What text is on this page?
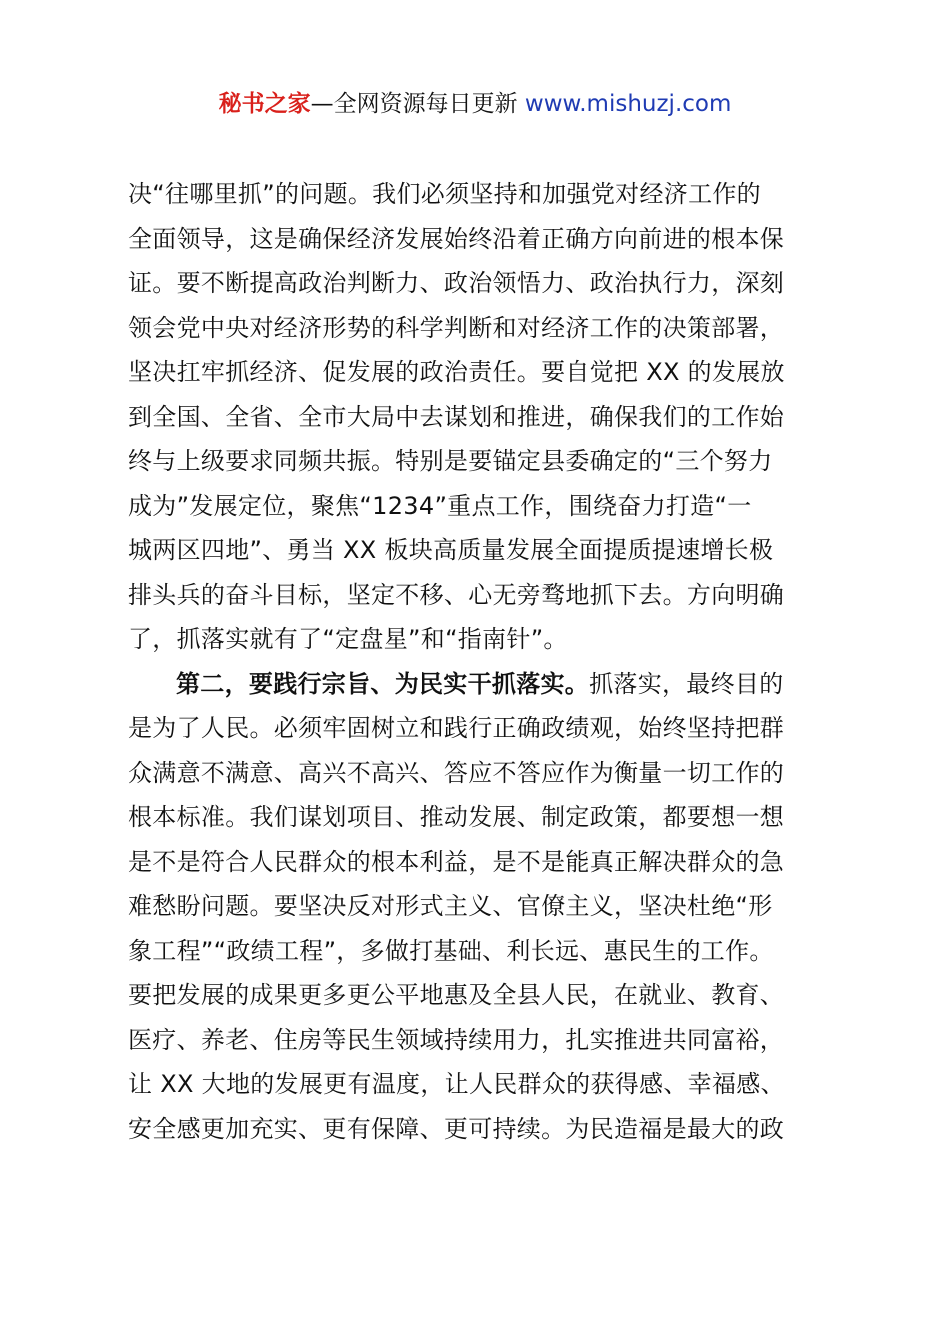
秘书之家—全网资源每日更新 www.mishuzj.com
决“往哪里抓”的问题。我们必须坚持和加强党对经济工作的
全面领导，这是确保经济发展始终沿着正确方向前进的根本保
证。要不断提高政治判断力、政治领悟力、政治执行力，深刻
领会党中央对经济形势的科学判断和对经济工作的决策部署，
坚决扛牢抓经济、促发展的政治责任。要自觉把 XX 的发展放
到全国、全省、全市大局中去谋划和推进，确保我们的工作始
终与上级要求同频共振。特别是要锚定县委确定的“三个努力
成为”发展定位，聚焦“1234”重点工作，围绕奋力打造“一
城两区四地”、勇当 XX 板块高质量发展全面提质提速增长极
排头兵的奋斗目标，坚定不移、心无旁骛地抓下去。方向明确
了，抓落实就有了“定盘星”和“指南针”。
第二，要践行宗旨、为民实干抓落实。抓落实，最终目的
是为了人民。必须牢固树立和践行正确政绩观，始终坚持把群
众满意不满意、高兴不高兴、答应不答应作为衡量一切工作的
根本标准。我们谋划项目、推动发展、制定政策，都要想一想
是不是符合人民群众的根本利益，是不是能真正解决群众的急
难愁盼问题。要坚决反对形式主义、官僚主义，坚决杜绝“形
象工程”“政绩工程”，多做打基础、利长远、惠民生的工作。
要把发展的成果更多更公平地惠及全县人民，在就业、教育、
医疗、养老、住房等民生领域持续用力，扎实推进共同富裕，
让 XX 大地的发展更有温度，让人民群众的获得感、幸福感、
安全感更加充实、更有保障、更可持续。为民造福是最大的政
